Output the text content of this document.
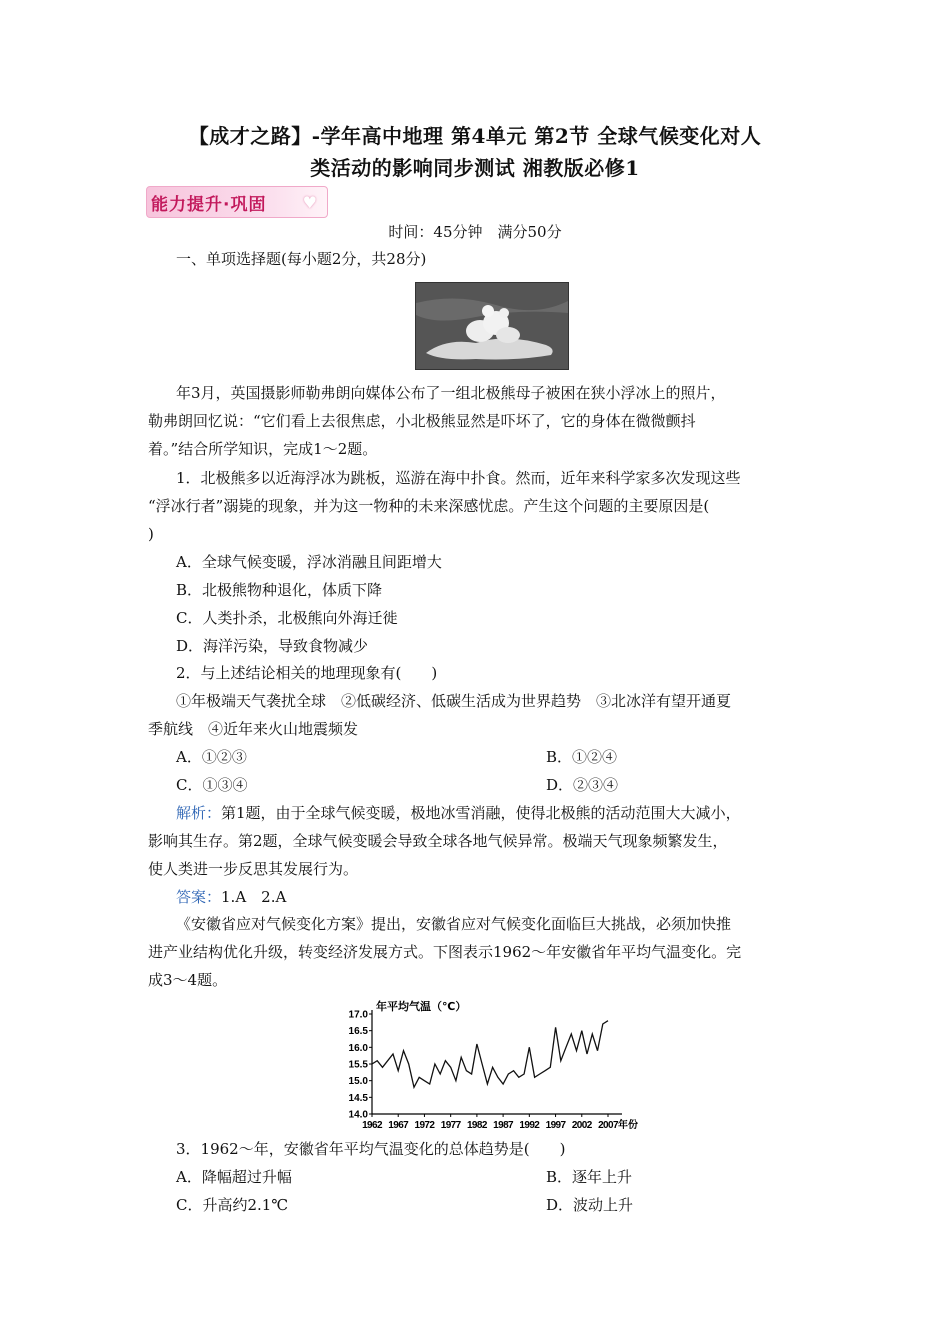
【成才之路】-学年高中地理 第4单元 第2节 全球气候变化对人
类活动的影响同步测试 湘教版必修1
能力提升·巩固 ♥
时间：45分钟　满分50分
一、单项选择题(每小题2分，共28分)
年3月，英国摄影师勒弗朗向媒体公布了一组北极熊母子被困在狭小浮冰上的照片，
勒弗朗回忆说：“它们看上去很焦虑，小北极熊显然是吓坏了，它的身体在微微颤抖
着。”结合所学知识，完成1～2题。
1．北极熊多以近海浮冰为跳板，巡游在海中扑食。然而，近年来科学家多次发现这些
“浮冰行者”溺毙的现象，并为这一物种的未来深感忧虑。产生这个问题的主要原因是(
)
A．全球气候变暖，浮冰消融且间距增大
B．北极熊物种退化，体质下降
C．人类扑杀，北极熊向外海迁徙
D．海洋污染，导致食物减少
2．与上述结论相关的地理现象有(　　)
①年极端天气袭扰全球　②低碳经济、低碳生活成为世界趋势　③北冰洋有望开通夏
季航线　④近年来火山地震频发
A．①②③	B．①②④
C．①③④	D．②③④
解析：第1题，由于全球气候变暖，极地冰雪消融，使得北极熊的活动范围大大减小，
影响其生存。第2题，全球气候变暖会导致全球各地气候异常。极端天气现象频繁发生，
使人类进一步反思其发展行为。
答案：1.A　2.A
《安徽省应对气候变化方案》提出，安徽省应对气候变化面临巨大挑战，必须加快推
进产业结构优化升级，转变经济发展方式。下图表示1962～年安徽省年平均气温变化。完
成3～4题。
14.0
14.5
15.0
15.5
16.0
16.5
17.0
1962 1967 1972 1977 1982 1987 1992 1997 2002 2007 年份
年平均气温（℃）
3．1962～年，安徽省年平均气温变化的总体趋势是(　　)
A．降幅超过升幅	B．逐年上升
C．升高约2.1℃	D．波动上升
